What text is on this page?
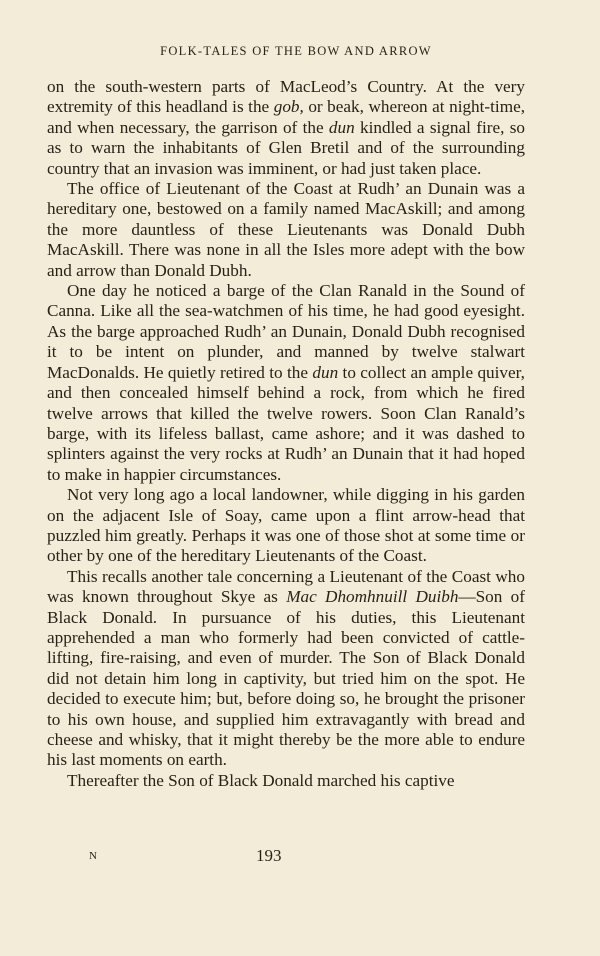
FOLK-TALES OF THE BOW AND ARROW

on the south-western parts of MacLeod’s Country. At the very extremity of this headland is the gob, or beak, whereon at night-time, and when necessary, the garrison of the dun kindled a signal fire, so as to warn the inhabitants of Glen Bretil and of the surrounding country that an invasion was imminent, or had just taken place.

The office of Lieutenant of the Coast at Rudh’ an Dunain was a hereditary one, bestowed on a family named MacAskill; and among the more dauntless of these Lieutenants was Donald Dubh MacAskill. There was none in all the Isles more adept with the bow and arrow than Donald Dubh.

One day he noticed a barge of the Clan Ranald in the Sound of Canna. Like all the sea-watchmen of his time, he had good eyesight. As the barge approached Rudh’ an Dunain, Donald Dubh recognised it to be intent on plunder, and manned by twelve stalwart MacDonalds. He quietly retired to the dun to collect an ample quiver, and then concealed himself behind a rock, from which he fired twelve arrows that killed the twelve rowers. Soon Clan Ranald’s barge, with its lifeless ballast, came ashore; and it was dashed to splinters against the very rocks at Rudh’ an Dunain that it had hoped to make in happier circumstances.

Not very long ago a local landowner, while digging in his garden on the adjacent Isle of Soay, came upon a flint arrow-head that puzzled him greatly. Perhaps it was one of those shot at some time or other by one of the hereditary Lieutenants of the Coast.

This recalls another tale concerning a Lieutenant of the Coast who was known throughout Skye as Mac Dhomhnuill Duibh—Son of Black Donald. In pursuance of his duties, this Lieutenant apprehended a man who formerly had been convicted of cattle-lifting, fire-raising, and even of murder. The Son of Black Donald did not detain him long in captivity, but tried him on the spot. He decided to execute him; but, before doing so, he brought the prisoner to his own house, and supplied him extravagantly with bread and cheese and whisky, that it might thereby be the more able to endure his last moments on earth.

Thereafter the Son of Black Donald marched his captive

N	193
